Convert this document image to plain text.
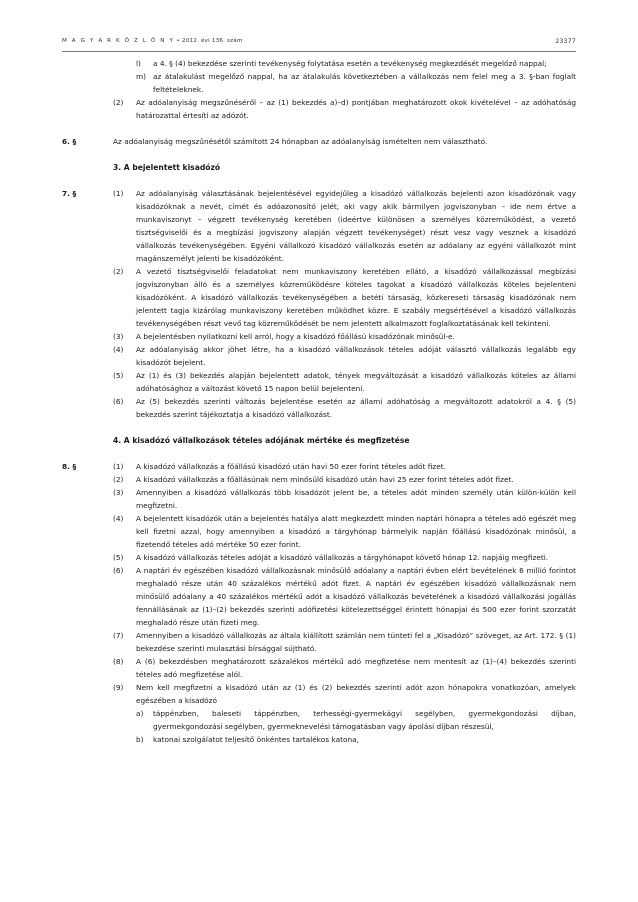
M A G Y A R K Ö Z L Ö N Y • 2012. évi 136. szám	23377
l) a 4. § (4) bekezdése szerinti tevékenység folytatása esetén a tevékenység megkezdését megelőző nappal;
m) az átalakulást megelőző nappal, ha az átalakulás következtében a vállalkozás nem felel meg a 3. §-ban foglalt feltételeknek.
(2) Az adóalanyiság megszűnéséről – az (1) bekezdés a)–d) pontjában meghatározott okok kivételével – az adóhatóság határozattal értesíti az adózót.
6. §	Az adóalanyiság megszűnésétől számított 24 hónapban az adóalanyiság ismételten nem választható.
3. A bejelentett kisadózó
7. §	(1) Az adóalanyiság választásának bejelentésével egyidejűleg a kisadózó vállalkozás bejelenti azon kisadózónak vagy kisadózóknak a nevét, címét és adóazonosító jelét, aki vagy akik bármilyen jogviszonyban – ide nem értve a munkaviszonyt – végzett tevékenység keretében (ideértve különösen a személyes közreműködést, a vezető tisztségviselői és a megbízási jogviszony alapján végzett tevékenységet) részt vesz vagy vesznek a kisadózó vállalkozás tevékenységében. Egyéni vállalkozó kisadózó vállalkozás esetén az adóalany az egyéni vállalkozót mint magánszemélyt jelenti be kisadózóként.
(2) A vezető tisztségviselői feladatokat nem munkaviszony keretében ellátó, a kisadózó vállalkozással megbízási jogviszonyban álló és a személyes közreműködésre köteles tagokat a kisadózó vállalkozás köteles bejelenteni kisadózóként. A kisadózó vállalkozás tevékenységében a betéti társaság, közkereseti társaság kisadózónak nem jelentett tagja kizárólag munkaviszony keretében működhet közre. E szabály megsértésével a kisadózó vállalkozás tevékenységében részt vevő tag közreműködését be nem jelentett alkalmazott foglalkoztatásának kell tekinteni.
(3) A bejelentésben nyilatkozni kell arról, hogy a kisadózó főállású kisadózónak minősül-e.
(4) Az adóalanyiság akkor jöhet létre, ha a kisadózó vállalkozások tételes adóját választó vállalkozás legalább egy kisadózót bejelent.
(5) Az (1) és (3) bekezdés alapján bejelentett adatok, tények megváltozását a kisadózó vállalkozás köteles az állami adóhatósághoz a változást követő 15 napon belül bejelenteni.
(6) Az (5) bekezdés szerinti változás bejelentése esetén az állami adóhatóság a megváltozott adatokról a 4. § (5) bekezdés szerint tájékoztatja a kisadózó vállalkozást.
4. A kisadózó vállalkozások tételes adójának mértéke és megfizetése
8. §	(1) A kisadózó vállalkozás a főállású kisadózó után havi 50 ezer forint tételes adót fizet.
(2) A kisadózó vállalkozás a főállásúnak nem minősülő kisadózó után havi 25 ezer forint tételes adót fizet.
(3) Amennyiben a kisadózó vállalkozás több kisadózót jelent be, a tételes adót minden személy után külön-külön kell megfizetni.
(4) A bejelentett kisadózók után a bejelentés hatálya alatt megkezdett minden naptári hónapra a tételes adó egészét meg kell fizetni azzal, hogy amennyiben a kisadózó a tárgyhónap bármelyik napján főállású kisadózónak minősül, a fizetendő tételes adó mértéke 50 ezer forint.
(5) A kisadózó vállalkozás tételes adóját a kisadózó vállalkozás a tárgyhónapot követő hónap 12. napjáig megfizeti.
(6) A naptári év egészében kisadózó vállalkozásnak minősülő adóalany a naptári évben elért bevételének 6 millió forintot meghaladó része után 40 százalékos mértékű adót fizet. A naptári év egészében kisadózó vállalkozásnak nem minősülő adóalany a 40 százalékos mértékű adót a kisadózó vállalkozás bevételének a kisadózó vállalkozási jogállás fennállásának az (1)–(2) bekezdés szerinti adófizetési kötelezettséggel érintett hónapjai és 500 ezer forint szorzatát meghaladó része után fizeti meg.
(7) Amennyiben a kisadózó vállalkozás az általa kiállított számlán nem tünteti fel a „Kisadózó” szöveget, az Art. 172. § (1) bekezdése szerinti mulasztási bírsággal sújtható.
(8) A (6) bekezdésben meghatározott százalékos mértékű adó megfizetése nem mentesít az (1)–(4) bekezdés szerinti tételes adó megfizetése alól.
(9) Nem kell megfizetni a kisadózó után az (1) és (2) bekezdés szerinti adót azon hónapokra vonatkozóan, amelyek egészében a kisadózó
a) táppénzben, baleseti táppénzben, terhességi-gyermekágyi segélyben, gyermekgondozási díjban, gyermekgondozási segélyben, gyermeknevelési támogatásban vagy ápolási díjban részesül,
b) katonai szolgálatot teljesítő önkéntes tartalékos katona,
